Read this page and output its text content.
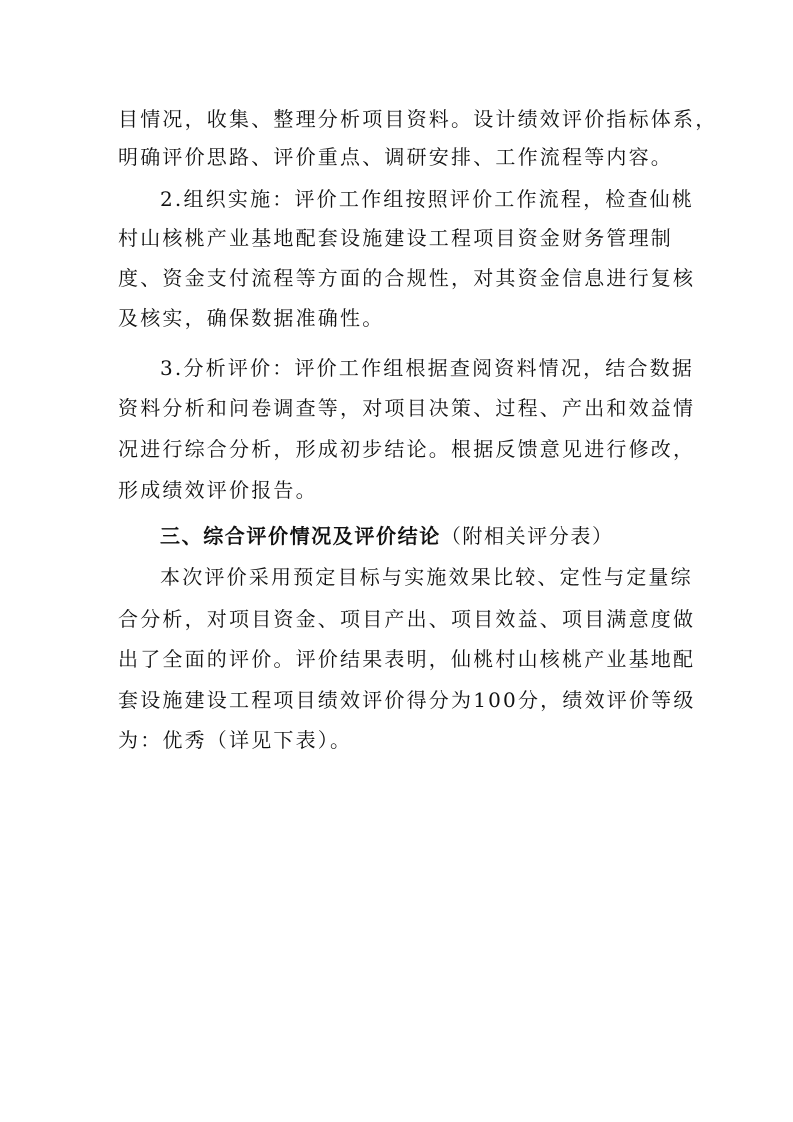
目情况，收集、整理分析项目资料。设计绩效评价指标体系，
明确评价思路、评价重点、调研安排、工作流程等内容。
2.组织实施：评价工作组按照评价工作流程，检查仙桃
村山核桃产业基地配套设施建设工程项目资金财务管理制
度、资金支付流程等方面的合规性，对其资金信息进行复核
及核实，确保数据准确性。
3.分析评价：评价工作组根据查阅资料情况，结合数据
资料分析和问卷调查等，对项目决策、过程、产出和效益情
况进行综合分析，形成初步结论。根据反馈意见进行修改，
形成绩效评价报告。
三、综合评价情况及评价结论（附相关评分表）
本次评价采用预定目标与实施效果比较、定性与定量综
合分析，对项目资金、项目产出、项目效益、项目满意度做
出了全面的评价。评价结果表明，仙桃村山核桃产业基地配
套设施建设工程项目绩效评价得分为100分，绩效评价等级
为：优秀（详见下表）。
